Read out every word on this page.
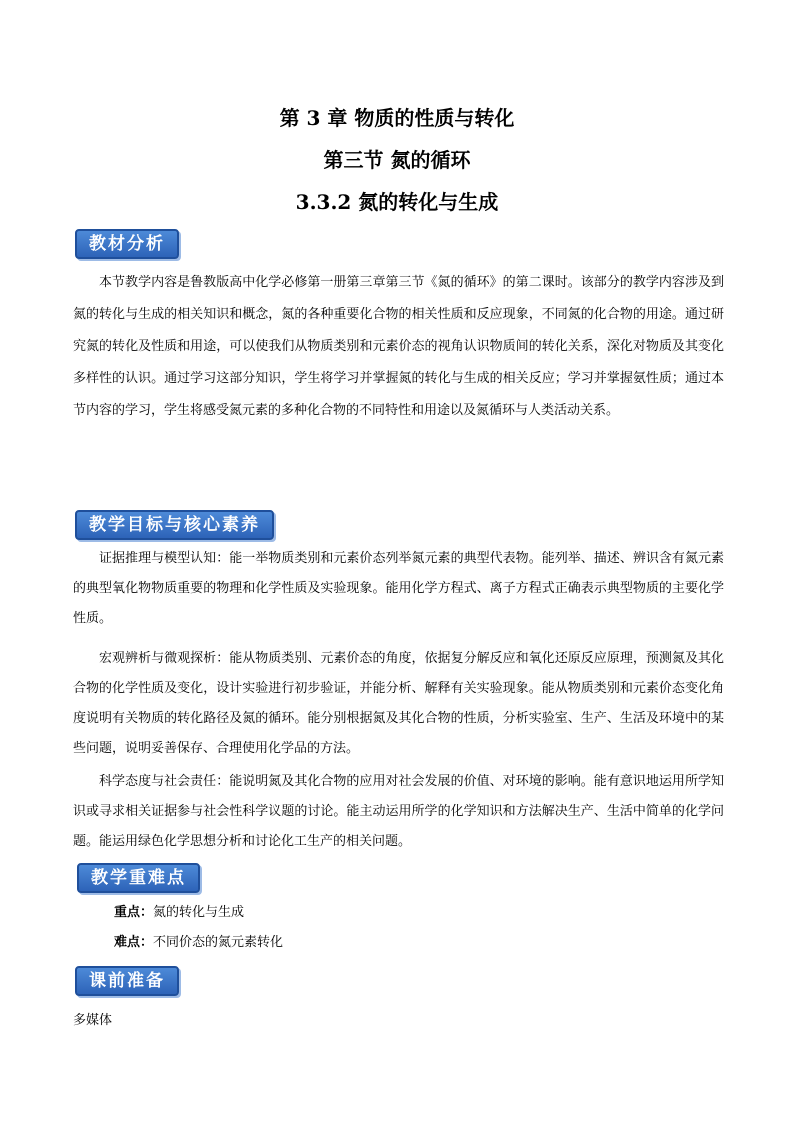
第 3 章 物质的性质与转化
第三节 氮的循环
3.3.2 氮的转化与生成
教材分析
本节教学内容是鲁教版高中化学必修第一册第三章第三节《氮的循环》的第二课时。该部分的教学内容涉及到氮的转化与生成的相关知识和概念，氮的各种重要化合物的相关性质和反应现象，不同氮的化合物的用途。通过研究氮的转化及性质和用途，可以使我们从物质类别和元素价态的视角认识物质间的转化关系，深化对物质及其变化多样性的认识。通过学习这部分知识，学生将学习并掌握氮的转化与生成的相关反应；学习并掌握氨性质；通过本节内容的学习，学生将感受氮元素的多种化合物的不同特性和用途以及氮循环与人类活动关系。
教学目标与核心素养
证据推理与模型认知：能一举物质类别和元素价态列举氮元素的典型代表物。能列举、描述、辨识含有氮元素的典型氧化物物质重要的物理和化学性质及实验现象。能用化学方程式、离子方程式正确表示典型物质的主要化学性质。
宏观辨析与微观探析：能从物质类别、元素价态的角度，依据复分解反应和氧化还原反应原理，预测氮及其化合物的化学性质及变化，设计实验进行初步验证，并能分析、解释有关实验现象。能从物质类别和元素价态变化角度说明有关物质的转化路径及氮的循环。能分别根据氮及其化合物的性质，分析实验室、生产、生活及环境中的某些问题，说明妥善保存、合理使用化学品的方法。
科学态度与社会责任：能说明氮及其化合物的应用对社会发展的价值、对环境的影响。能有意识地运用所学知识或寻求相关证据参与社会性科学议题的讨论。能主动运用所学的化学知识和方法解决生产、生活中简单的化学问题。能运用绿色化学思想分析和讨论化工生产的相关问题。
教学重难点
重点：氮的转化与生成
难点：不同价态的氮元素转化
课前准备
多媒体
